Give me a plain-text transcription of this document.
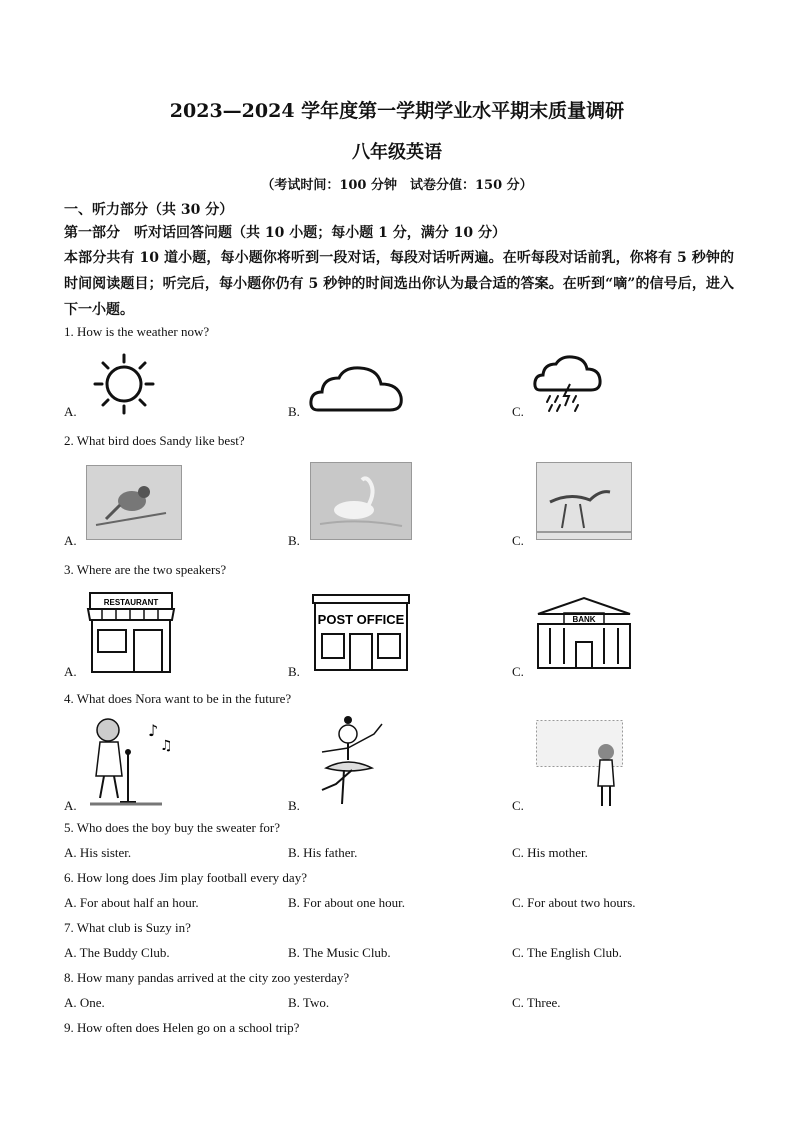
2023—2024 学年度第一学期学业水平期末质量调研
八年级英语
（考试时间：100 分钟　试卷分值：150 分）
一、听力部分（共 30 分）
第一部分　听对话回答问题（共 10 小题；每小题 1 分，满分 10 分）
本部分共有 10 道小题，每小题你将听到一段对话，每段对话听两遍。在听每段对话前乳，你将有 5 秒钟的时间阅读题目；听完后，每小题你仍有 5 秒钟的时间选出你认为最合适的答案。在听到“嘀”的信号后，进入下一小题。
1. How is the weather now?
A.	B.	C.
2. What bird does Sandy like best?
A.	B.	C.
3. Where are the two speakers?
A.	B.	C.
RESTAURANT
POST OFFICE	BANK
4. What does Nora want to be in the future?
A.	B.	C.
♪
♫
5. Who does the boy buy the sweater for?
A. His sister.	B. His father.	C. His mother.
6. How long does Jim play football every day?
A. For about half an hour.	B. For about one hour.	C. For about two hours.
7. What club is Suzy in?
A. The Buddy Club.	B. The Music Club.	C. The English Club.
8. How many pandas arrived at the city zoo yesterday?
A. One.	B. Two.	C. Three.
9. How often does Helen go on a school trip?
